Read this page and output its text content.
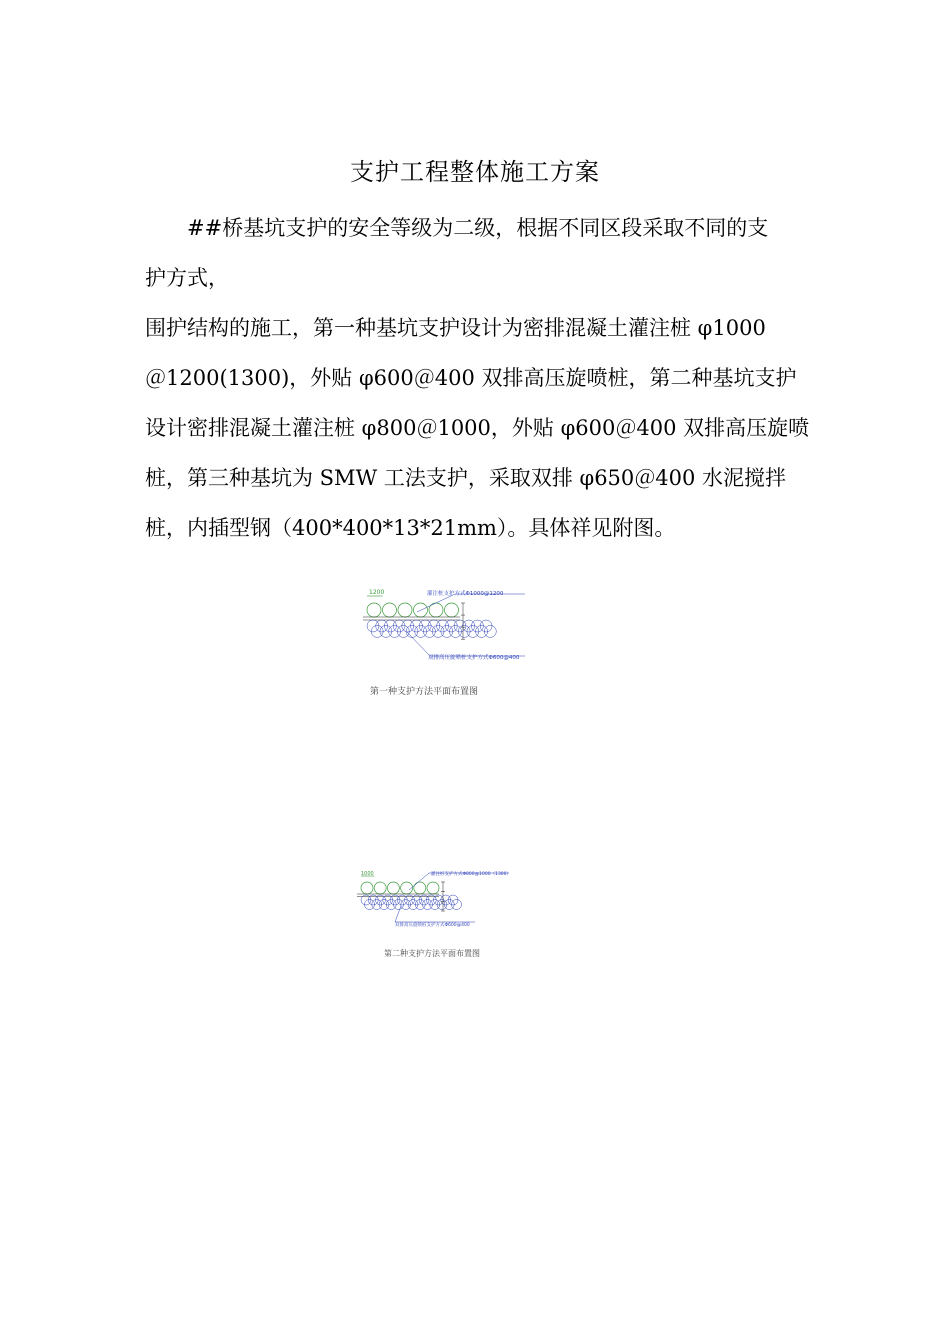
支护工程整体施工方案
##桥基坑支护的安全等级为二级，根据不同区段采取不同的支
护方式，
围护结构的施工，第一种基坑支护设计为密排混凝土灌注桩 φ1000
＠1200(1300)，外贴 φ600＠400 双排高压旋喷桩，第二种基坑支护
设计密排混凝土灌注桩 φ800＠1000，外贴 φ600＠400 双排高压旋喷
桩，第三种基坑为 SMW 工法支护，采取双排 φ650＠400 水泥搅拌
桩，内插型钢（400*400*13*21mm）。具体祥见附图。
1200	灌注桩支护方式Φ1000@1200
双排高压旋喷桩支护方式Φ600@400
第一种支护方法平面布置图
1000	灌注桩支护方式Φ800@1000（1300）
双排高压旋喷桩支护方式Φ600@400
第二种支护方法平面布置图
